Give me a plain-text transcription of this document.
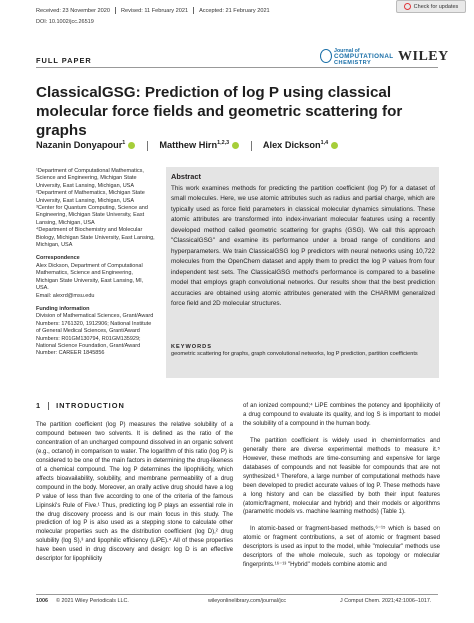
Received: 23 November 2020 Revised: 11 February 2021 Accepted: 21 February 2021
Check for updates
DOI: 10.1002/jcc.26519
FULL PAPER
Journal of
COMPUTATIONAL
CHEMISTRY WILEY
ClassicalGSG: Prediction of log P using classical molecular force fields and geometric scattering for graphs
Nazanin Donyapour$^1$	Matthew Hirn$^{1,2,3}$	Alex Dickson$^{1,4}$

¹Department of Computational Mathematics, Science and Engineering, Michigan State University, East Lansing, Michigan, USA

²Department of Mathematics, Michigan State University, East Lansing, Michigan, USA

³Center for Quantum Computing, Science and Engineering, Michigan State University, East Lansing, Michigan, USA

⁴Department of Biochemistry and Molecular Biology, Michigan State University, East Lansing, Michigan, USA

Correspondence

Alex Dickson, Department of Computational Mathematics, Science and Engineering, Michigan State University, East Lansing, MI, USA.

Email: alexrd@msu.edu

Funding information

Division of Mathematical Sciences, Grant/Award Numbers: 1761320, 1912906; National Institute of General Medical Sciences, Grant/Award Numbers: R01GM130794, R01GM135929; National Science Foundation, Grant/Award Number: CAREER 1845856

Abstract
This work examines methods for predicting the partition coefficient (log P) for a dataset of small molecules. Here, we use atomic attributes such as radius and partial charge, which are typically used as force field parameters in classical molecular dynamics simulations. These atomic attributes are transformed into index-invariant molecular features using a recently developed method called geometric scattering for graphs (GSG). We call this approach "ClassicalGSG" and examine its performance under a broad range of conditions and hyperparameters. We train ClassicalGSG log P predictors with neural networks using 10,722 molecules from the OpenChem dataset and apply them to predict the log P values from four independent test sets. The ClassicalGSG method's performance is compared to a baseline model that employs graph convolutional networks. Our results show that the best prediction accuracies are obtained using atomic attributes generated with the CHARMM generalized force field and 2D molecular structures.
KEYWORDS
geometric scattering for graphs, graph convolutional networks, log P prediction, partition coefficients
1 INTRODUCTION

The partition coefficient (log P) measures the relative solubility of a compound between two solvents. It is defined as the ratio of the concentration of an uncharged compound dissolved in an organic solvent (e.g., octanol) in comparison to water. The logarithm of this ratio (log P) is considered to be one of the main factors in determining the drug-likeness of a chemical compound. The log P determines the lipophilicity, which affects bioavailability, solubility, and membrane permeability of a drug compound in the body. Moreover, an orally active drug should have a log P value of less than five according to one of the criteria of the famous Lipinski's Rule of Five.¹ Thus, predicting log P plays an essential role in the drug discovery process and is our main focus in this study. The prediction of log P is also used as a stepping stone to calculate other molecular properties such as the distribution coefficient (log D),² drug solubility (log S),³ and lipophilic efficiency (LiPE).⁴ All of these properties have been used in drug discovery and design: log D is an effective descriptor for lipophilicity

of an ionized compound;⁴ LiPE combines the potency and lipophilicity of a drug compound to evaluate its quality, and log S is important to model the solubility of a compound in the human body.

The partition coefficient is widely used in cheminformatics and generally there are diverse experimental methods to measure it.⁵ However, these methods are time-consuming and expensive for large databases of compounds and not feasible for compounds that are not synthesized.⁶ Therefore, a large number of computational methods have been developed to predict accurate values of log P. These methods have a long history and can be classified by both their input features (atomic/fragment, molecular and hybrid) and their models or algorithms (parametric models vs. machine learning methods) (Table 1).

In atomic-based or fragment-based methods,⁶⁻¹⁵ which is based on atomic or fragment contributions, a set of atomic or fragment based descriptors is used as input to the model, while "molecular" methods use descriptors of the whole molecule, such as topology or molecular fingerprints.¹⁶⁻¹³ "Hybrid" models combine atomic and

1006 © 2021 Wiley Periodicals LLC.	wileyonlinelibrary.com/journal/jcc	J Comput Chem. 2021;42:1006–1017.
